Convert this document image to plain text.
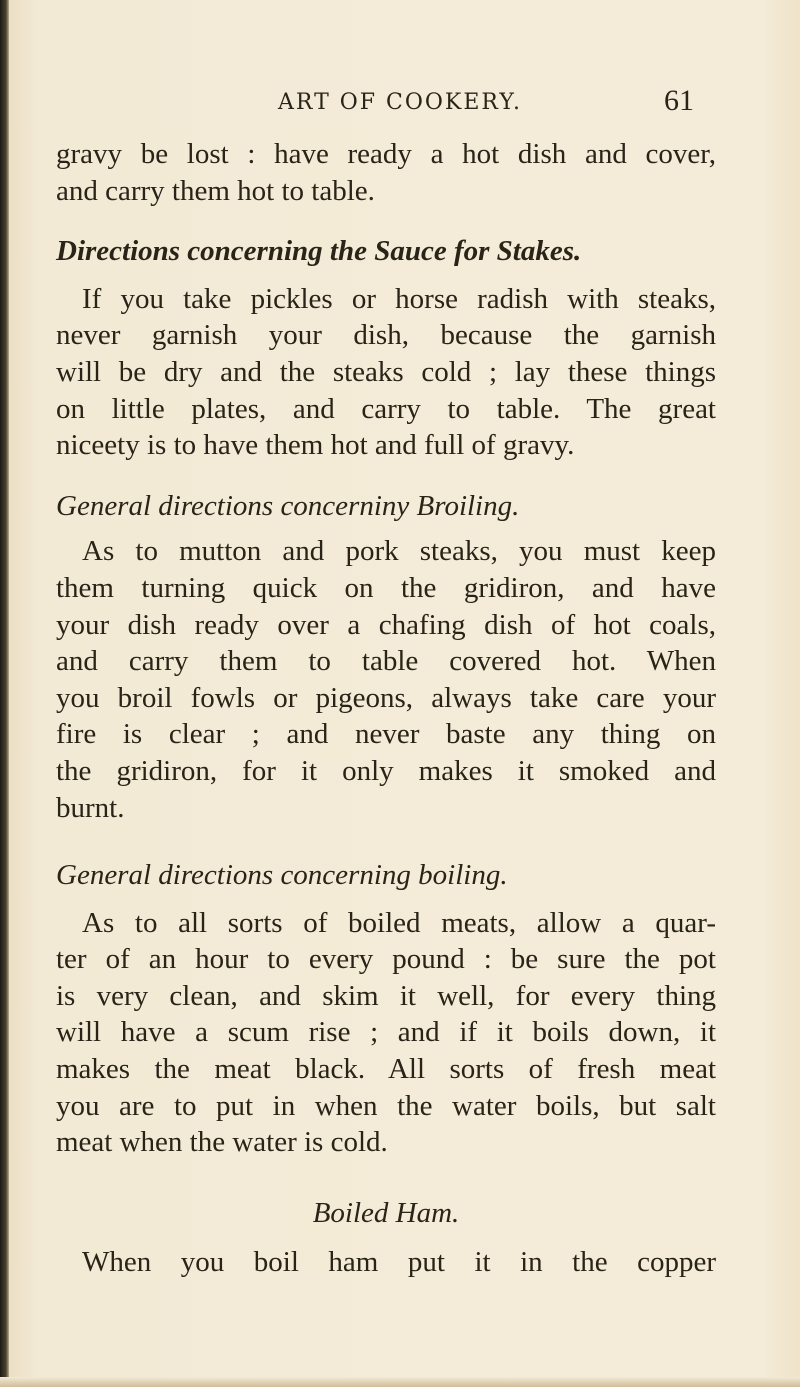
ART OF COOKERY.	61
gravy be lost : have ready a hot dish and cover,
and carry them hot to table.
Directions concerning the Sauce for Stakes.
If you take pickles or horse radish with steaks,
never garnish your dish, because the garnish
will be dry and the steaks cold ; lay these things
on little plates, and carry to table. The great
niceety is to have them hot and full of gravy.
General directions concerniny Broiling.
As to mutton and pork steaks, you must keep
them turning quick on the gridiron, and have
your dish ready over a chafing dish of hot coals,
and carry them to table covered hot. When
you broil fowls or pigeons, always take care your
fire is clear ; and never baste any thing on
the gridiron, for it only makes it smoked and
burnt.
General directions concerning boiling.
As to all sorts of boiled meats, allow a quar-
ter of an hour to every pound : be sure the pot
is very clean, and skim it well, for every thing
will have a scum rise ; and if it boils down, it
makes the meat black. All sorts of fresh meat
you are to put in when the water boils, but salt
meat when the water is cold.
Boiled Ham.
When you boil ham put it in the copper
